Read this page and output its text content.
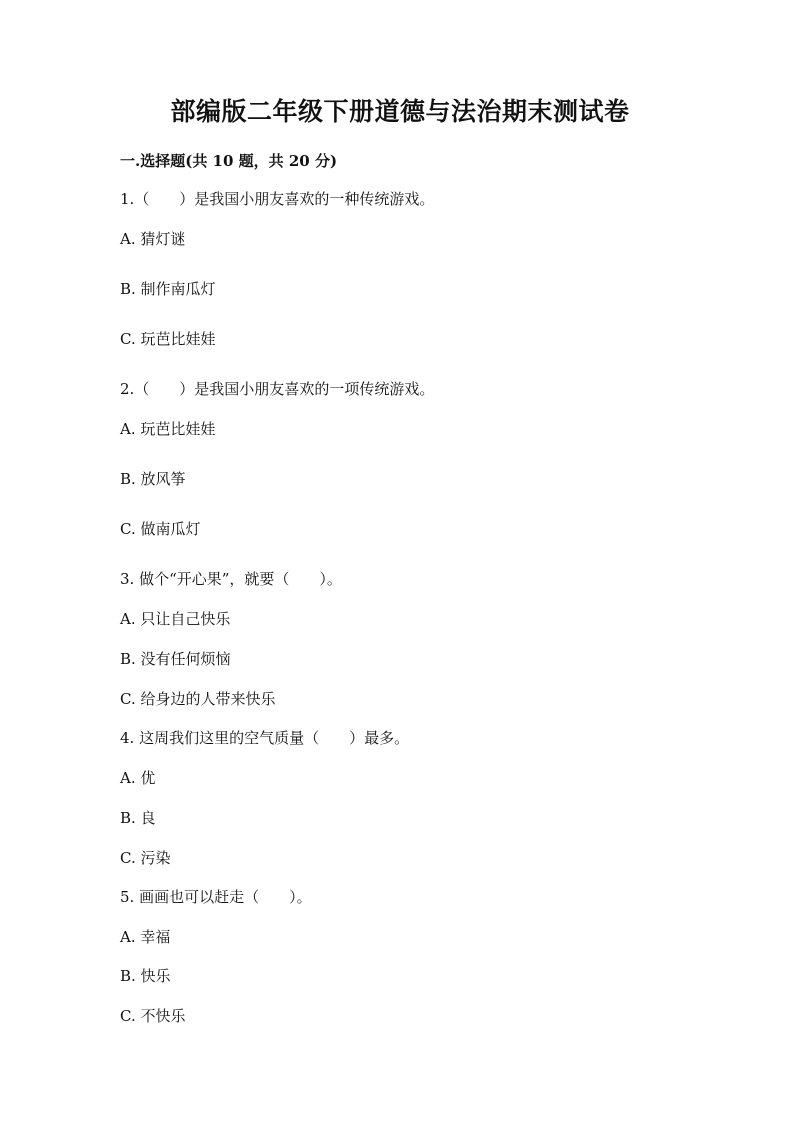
部编版二年级下册道德与法治期末测试卷
一.选择题(共 10 题，共 20 分)
1.（　　）是我国小朋友喜欢的一种传统游戏。
A. 猜灯谜
B. 制作南瓜灯
C. 玩芭比娃娃
2.（　　）是我国小朋友喜欢的一项传统游戏。
A. 玩芭比娃娃
B. 放风筝
C. 做南瓜灯
3. 做个“开心果”，就要（　　）。
A. 只让自己快乐
B. 没有任何烦恼
C. 给身边的人带来快乐
4. 这周我们这里的空气质量（　　）最多。
A. 优
B. 良
C. 污染
5. 画画也可以赶走（　　）。
A. 幸福
B. 快乐
C. 不快乐
